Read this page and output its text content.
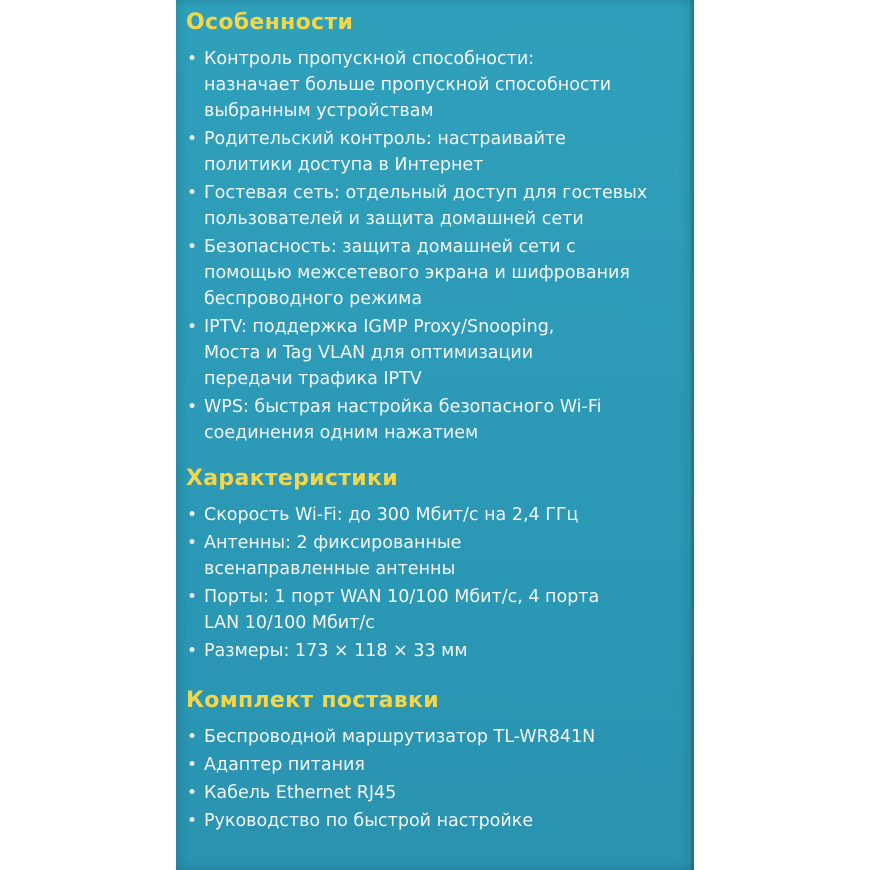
Особенности
• Контроль пропускной способности:
назначает больше пропускной способности
выбранным устройствам
• Родительский контроль: настраивайте
политики доступа в Интернет
• Гостевая сеть: отдельный доступ для гостевых
пользователей и защита домашней сети
• Безопасность: защита домашней сети с
помощью межсетевого экрана и шифрования
беспроводного режима
• IPTV: поддержка IGMP Proxy/Snooping,
Моста и Tag VLAN для оптимизации
передачи трафика IPTV
• WPS: быстрая настройка безопасного Wi-Fi
соединения одним нажатием
Характеристики
• Скорость Wi-Fi: до 300 Мбит/с на 2,4 ГГц
• Антенны: 2 фиксированные
всенаправленные антенны
• Порты: 1 порт WAN 10/100 Мбит/с, 4 порта
LAN 10/100 Мбит/с
• Размеры: 173 × 118 × 33 мм
Комплект поставки
• Беспроводной маршрутизатор TL-WR841N
• Адаптер питания
• Кабель Ethernet RJ45
• Руководство по быстрой настройке
